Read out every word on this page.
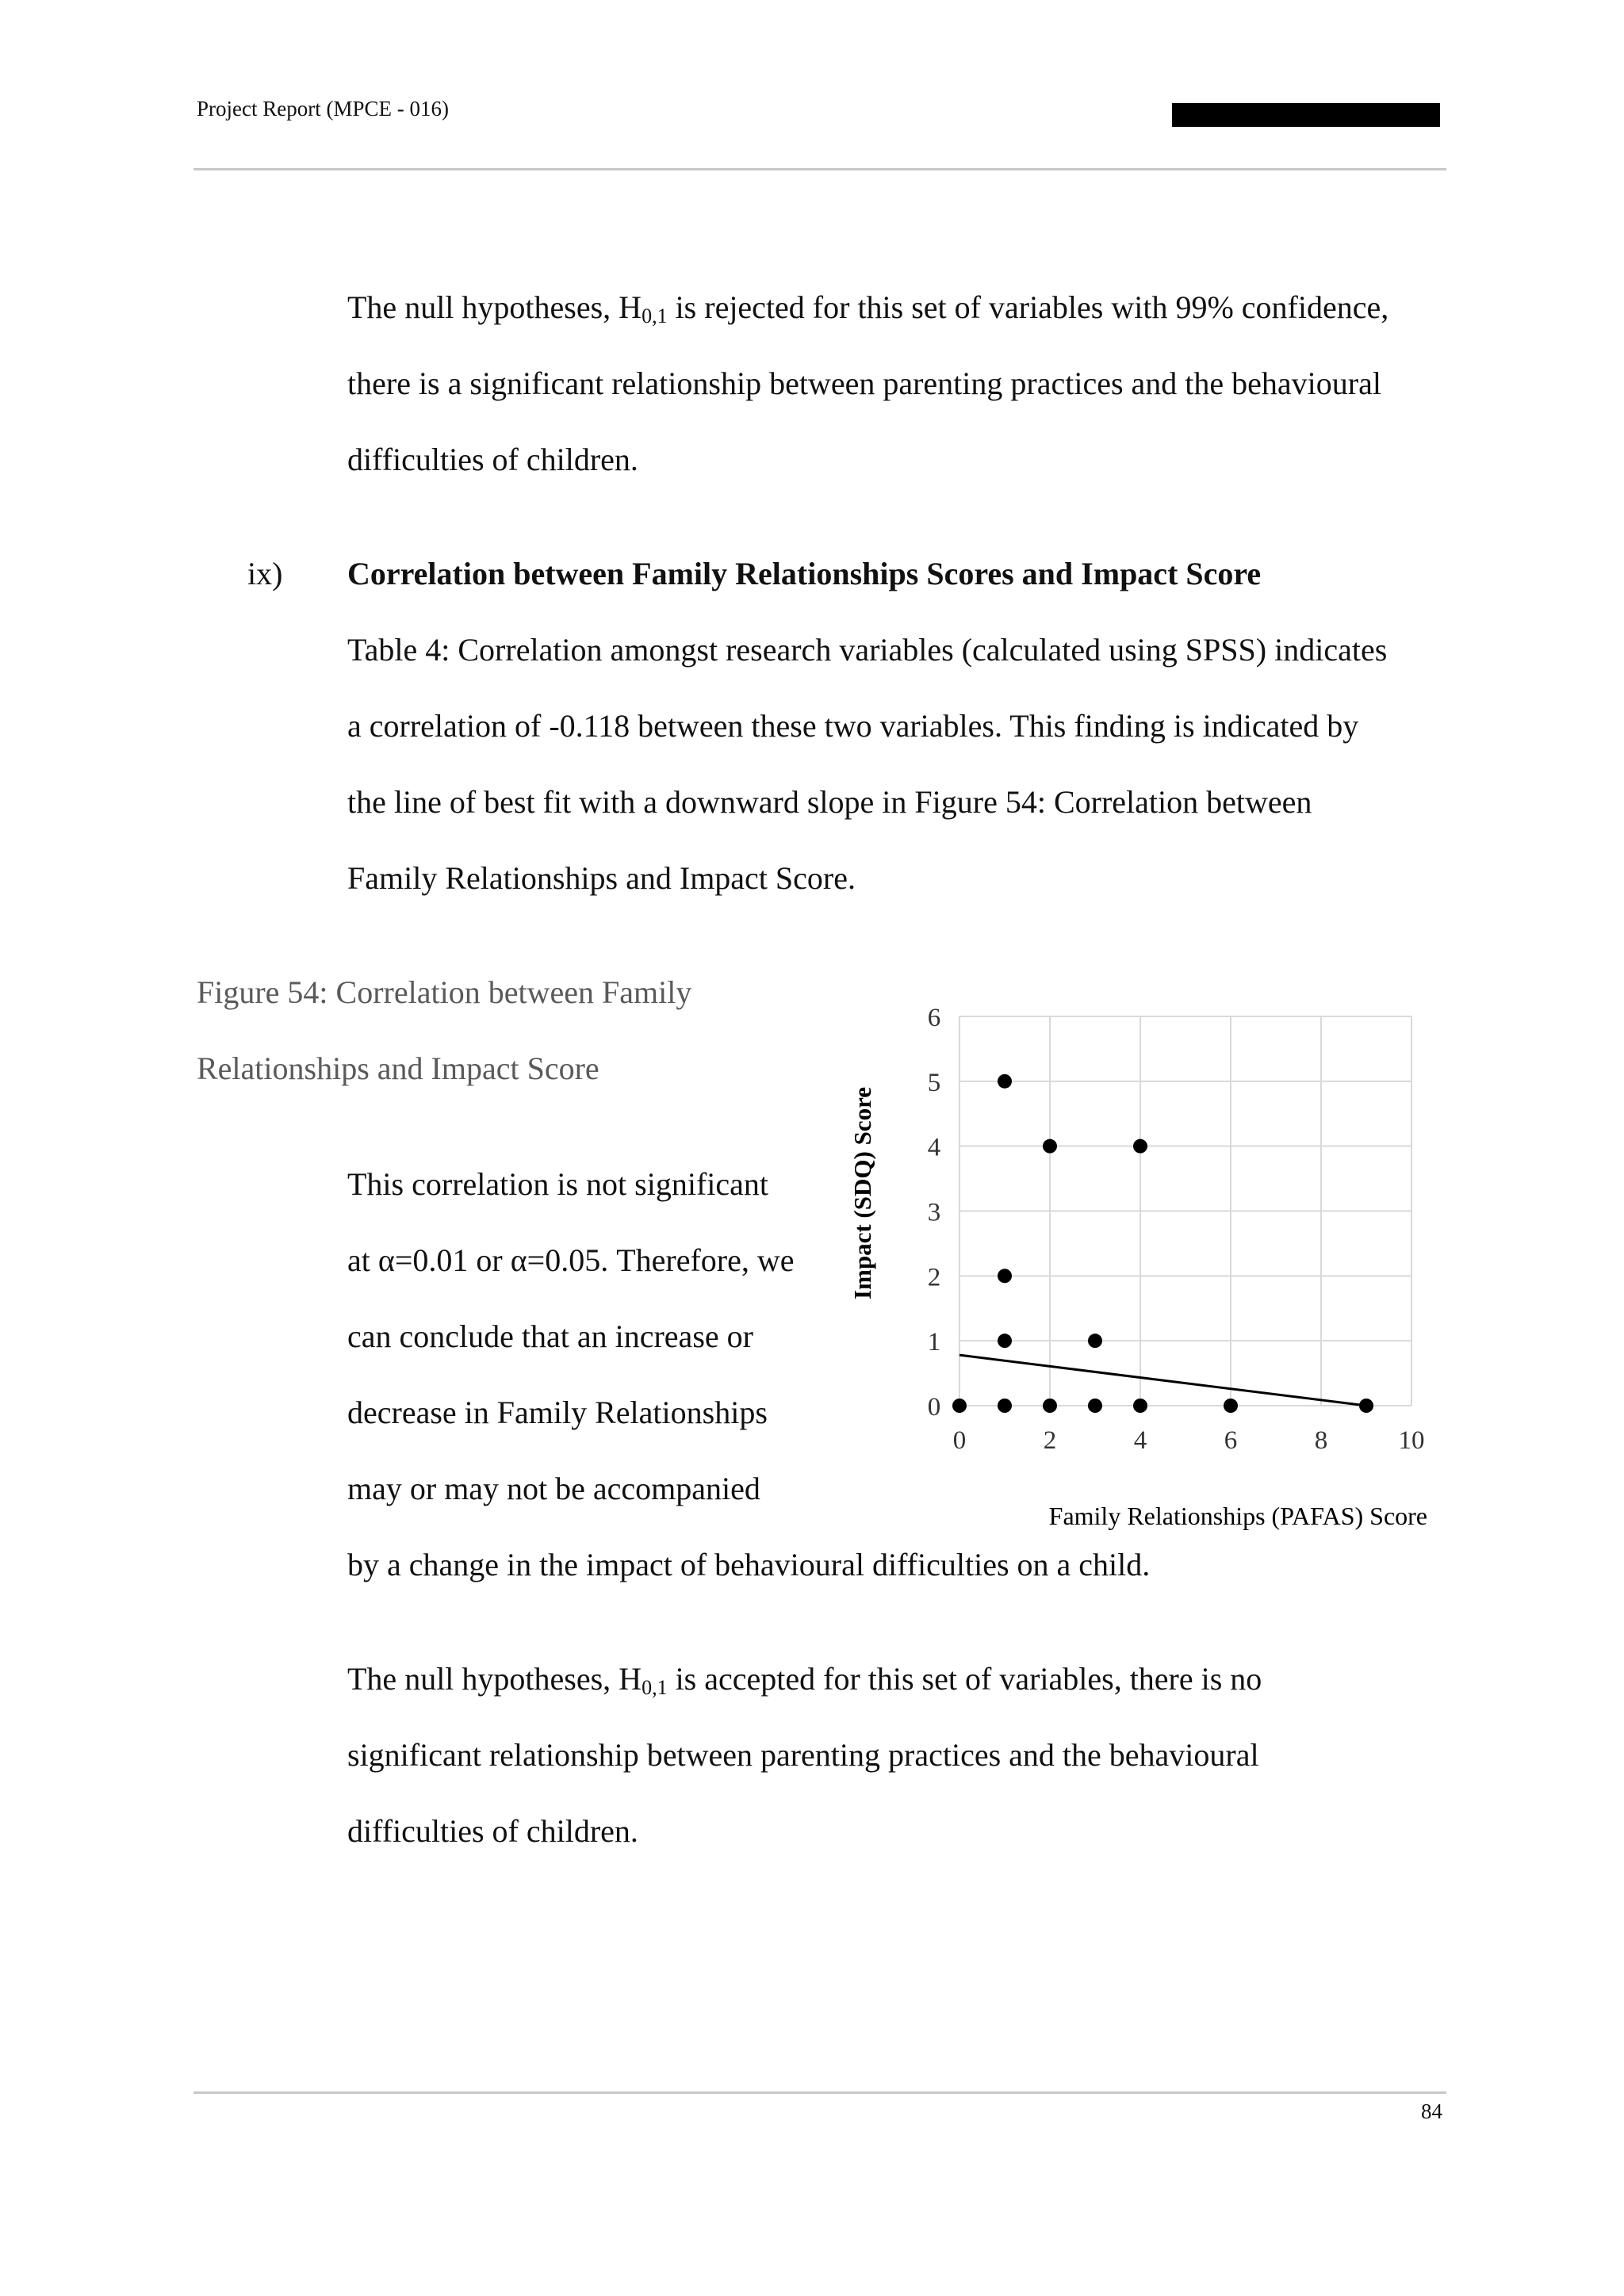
Project Report (MPCE - 016)
The null hypotheses, $H_{0,1}$ is rejected for this set of variables with 99% confidence,
there is a significant relationship between parenting practices and the behavioural
difficulties of children.
ix) Correlation between Family Relationships Scores and Impact Score
Table 4: Correlation amongst research variables (calculated using SPSS) indicates
a correlation of -0.118 between these two variables. This finding is indicated by
the line of best fit with a downward slope in Figure 54: Correlation between
Family Relationships and Impact Score.
Figure 54: Correlation between Family
Relationships and Impact Score
This correlation is not significant
at α=0.01 or α=0.05. Therefore, we
can conclude that an increase or
decrease in Family Relationships
may or may not be accompanied
by a change in the impact of behavioural difficulties on a child.
0
1
2
3
4
5
6
0	2	4	6	8	10
Impact (SDQ) Score
Family Relationships (PAFAS) Score
The null hypotheses, $H_{0,1}$ is accepted for this set of variables, there is no
significant relationship between parenting practices and the behavioural
difficulties of children.
84
